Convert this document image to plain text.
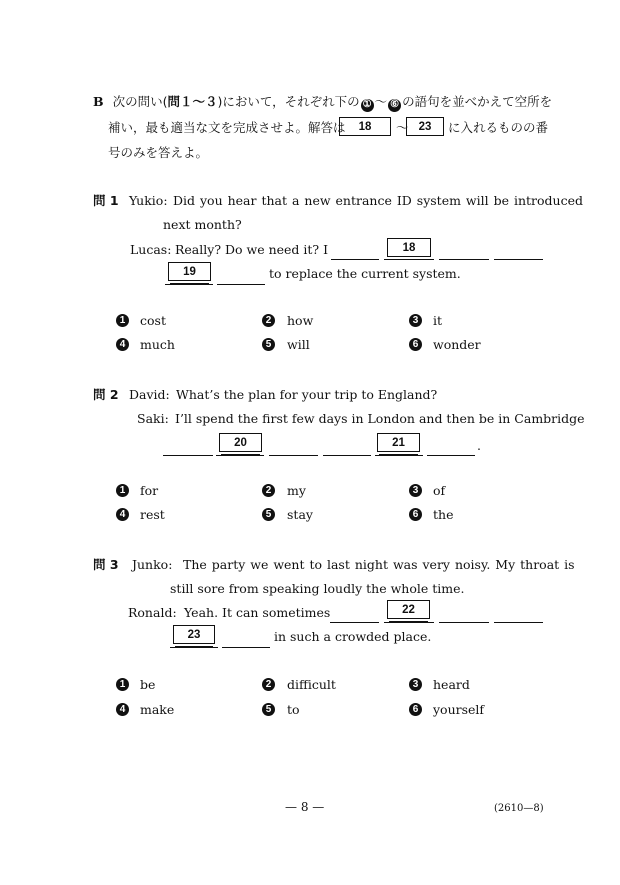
B 次の問い(問１～３)において，それぞれ下の ① ～ ⑥ の語句を並べかえて空所を
補い，最も適当な文を完成させよ。解答は	18	～ 23	に入れるものの番
号のみを答えよ。
問 1 Yukio: Did you hear that a new entrance ID system will be introduced
next month?
Lucas: Really? Do we need it? I	18
19	to replace the current system.
1 cost	2 how	3 it
4 much	5 will	6 wonder
問 2 David: What’s the plan for your trip to England?
Saki: I’ll spend the first few days in London and then be in Cambridge
20	21	.
1 for	2 my	3 of
4 rest	5 stay	6 the
問 3 Junko: The party we went to last night was very noisy. My throat is
still sore from speaking loudly the whole time.
Ronald: Yeah. It can sometimes	22
23	in such a crowded place.
1 be	2 difficult	3 heard
4 make	5 to	6 yourself
— 8 —	(2610—8)
